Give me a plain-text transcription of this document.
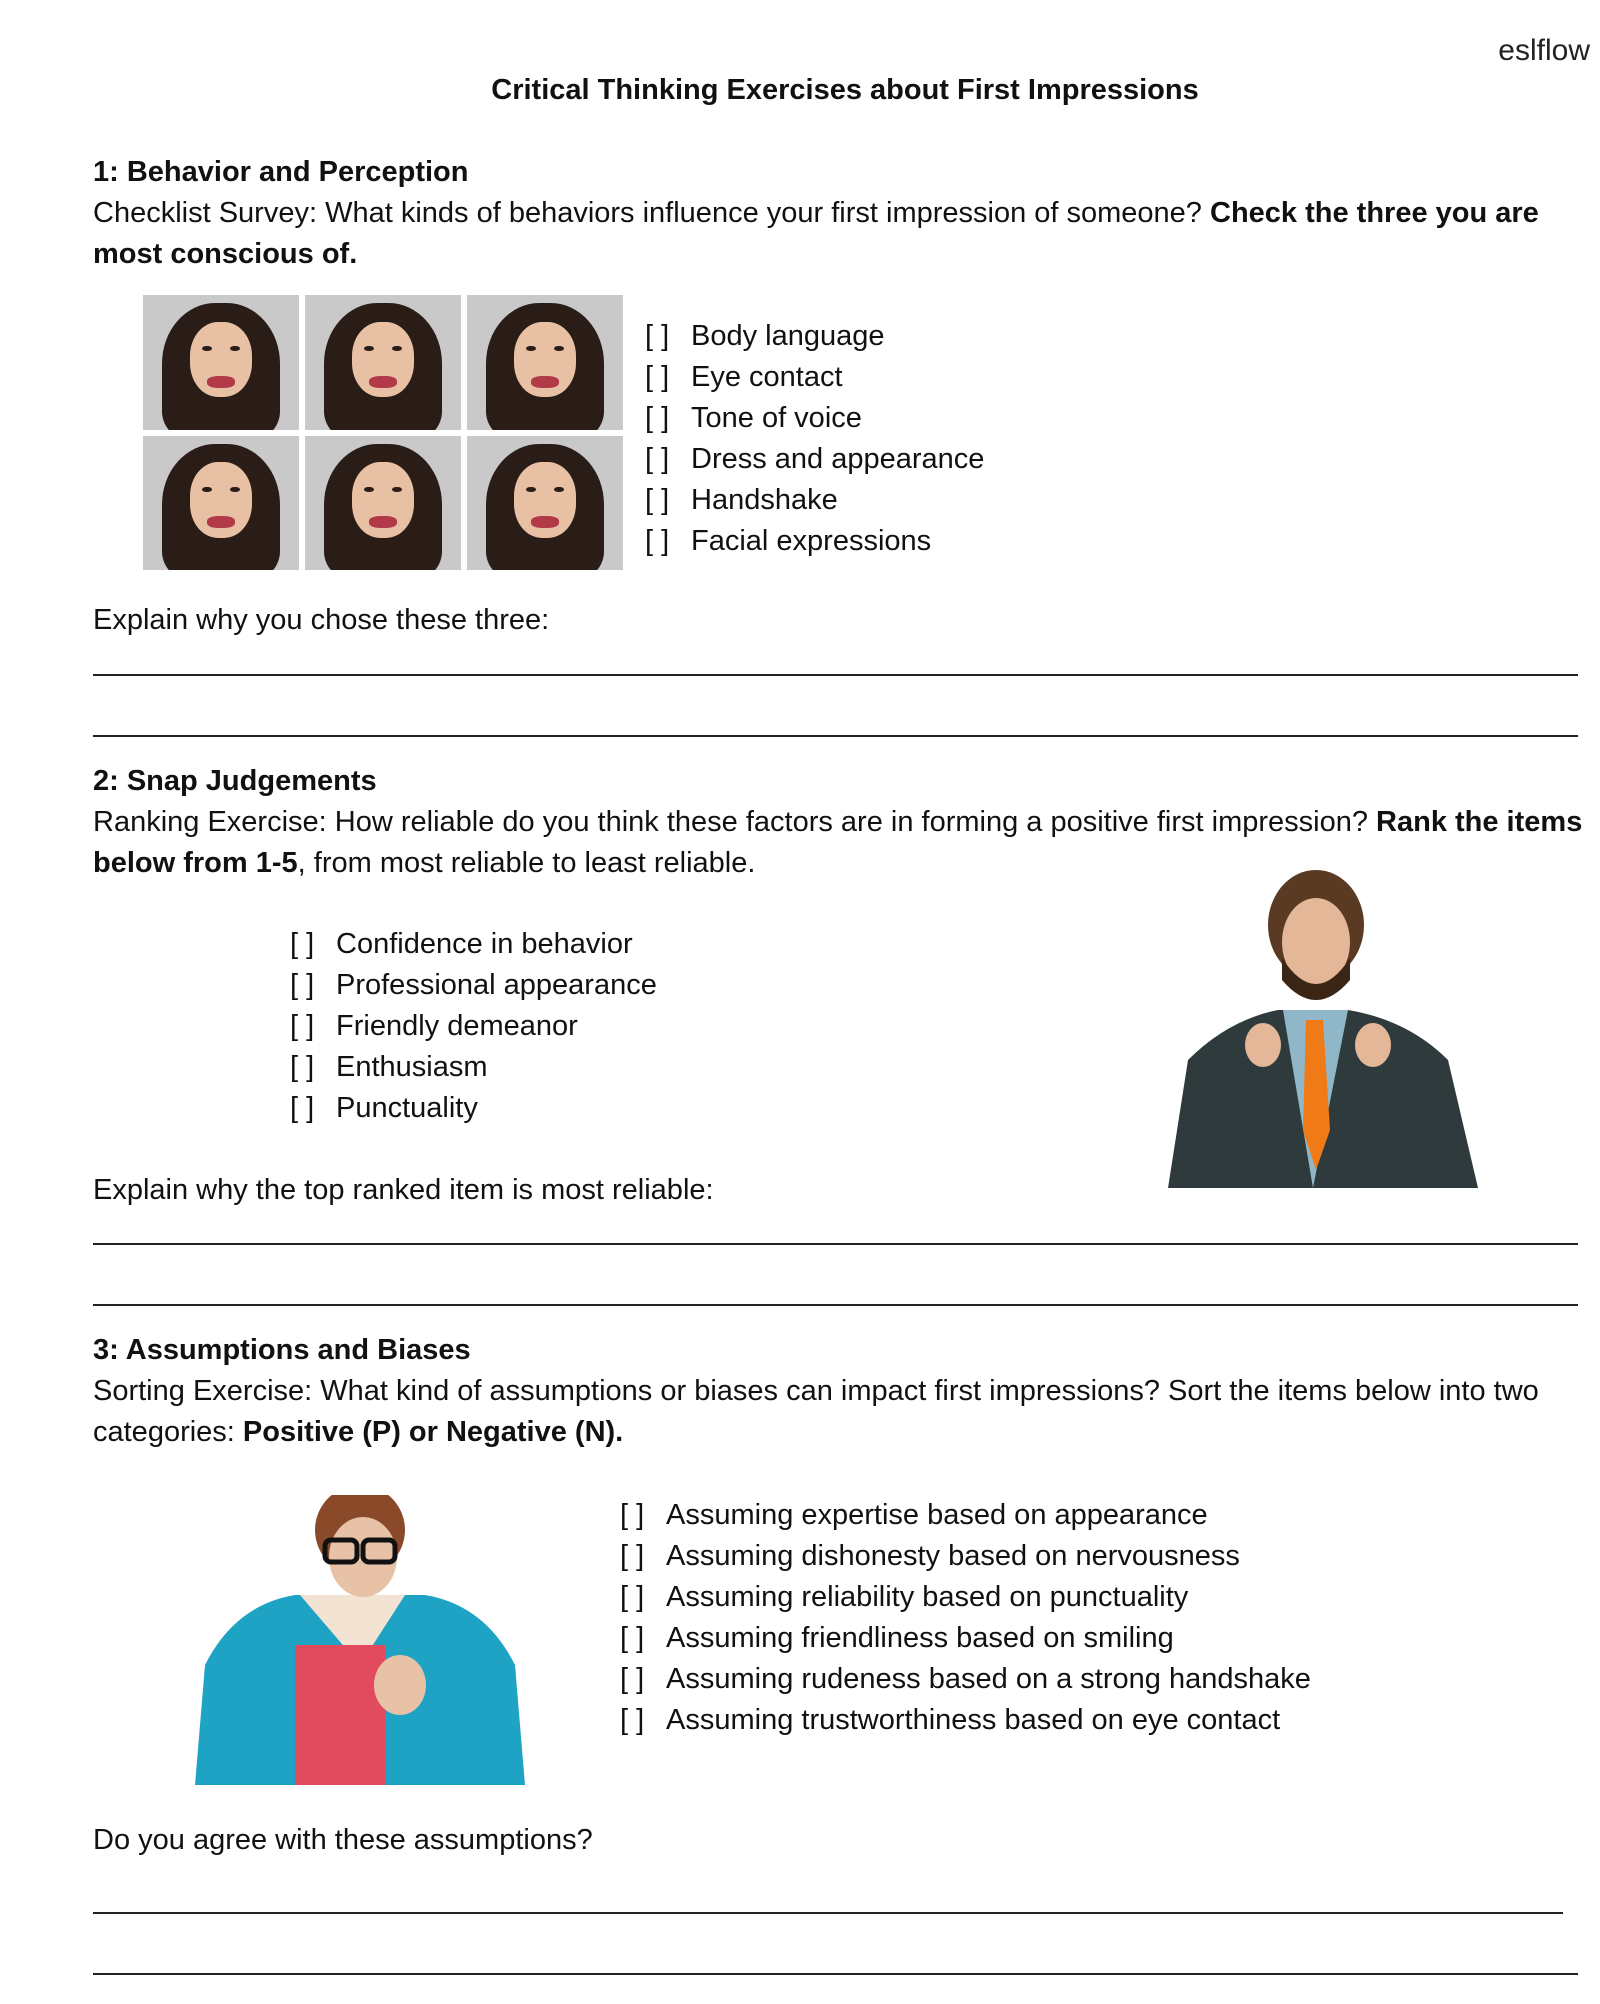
eslflow
Critical Thinking Exercises about First Impressions
1: Behavior and Perception
Checklist Survey: What kinds of behaviors influence your first impression of someone? Check the three you are most conscious of.
[ ] Body language
[ ] Eye contact
[ ] Tone of voice
[ ] Dress and appearance
[ ] Handshake
[ ] Facial expressions
Explain why you chose these three:
2: Snap Judgements
Ranking Exercise: How reliable do you think these factors are in forming a positive first impression? Rank the items below from 1-5, from most reliable to least reliable.
[ ] Confidence in behavior
[ ] Professional appearance
[ ] Friendly demeanor
[ ] Enthusiasm
[ ] Punctuality
Explain why the top ranked item is most reliable:
3: Assumptions and Biases
Sorting Exercise: What kind of assumptions or biases can impact first impressions? Sort the items below into two categories: Positive (P) or Negative (N).
[ ] Assuming expertise based on appearance
[ ] Assuming dishonesty based on nervousness
[ ] Assuming reliability based on punctuality
[ ] Assuming friendliness based on smiling
[ ] Assuming rudeness based on a strong handshake
[ ] Assuming trustworthiness based on eye contact
Do you agree with these assumptions?
